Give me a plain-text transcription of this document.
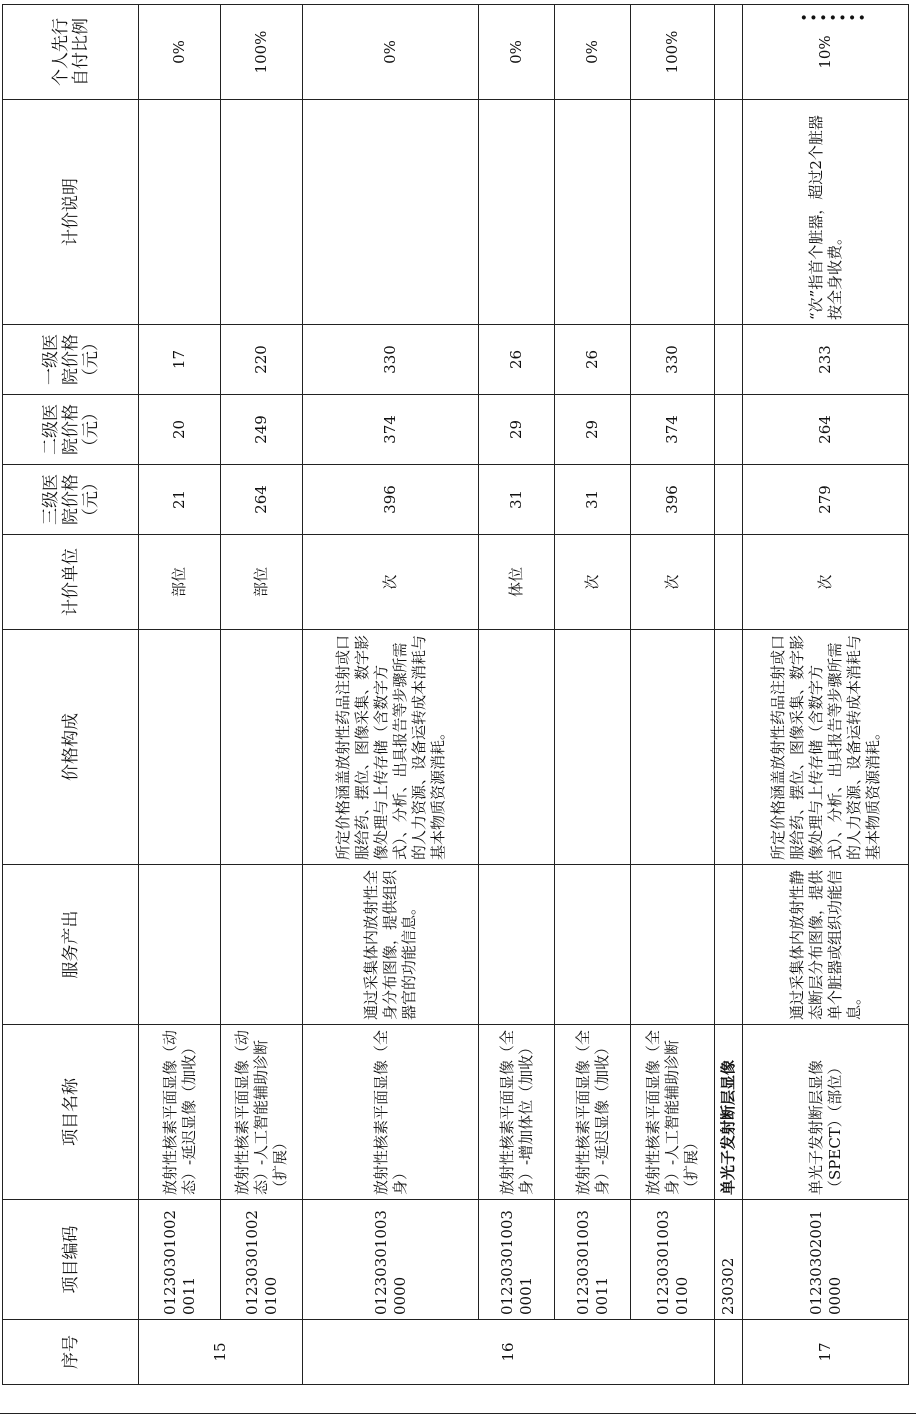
序号	项目编码	项目名称	服务产出	价格构成	计价单位	三级医
院价格
（元）	二级医
院价格
（元）	一级医
院价格
（元）	计价说明	个人先行
自付比例
15	012303010020011	放射性核素平面显像（动态）-延迟显像（加收）			部位	21	20	17		0%
	012303010020100	放射性核素平面显像（动态）-人工智能辅助诊断（扩展）			部位	264	249	220		100%
16	012303010030000	放射性核素平面显像（全身）	通过采集体内放射性全身分布图像，提供组织器官的功能信息。	所定价格涵盖放射性药品注射或口服给药、摆位、图像采集、数字影像处理与上传存储（含数字方式）、分析、出具报告等步骤所需的人力资源、设备运转成本消耗与基本物质资源消耗。	次	396	374	330		0%
	012303010030001	放射性核素平面显像（全身）-增加体位（加收）			体位	31	29	26		0%
	012303010030011	放射性核素平面显像（全身）-延迟显像（加收）			次	31	29	26		0%
	012303010030100	放射性核素平面显像（全身）-人工智能辅助诊断（扩展）			次	396	374	330		100%
	230302	单光子发射断层显像								
17	012303020010000	单光子发射断层显像（SPECT）（部位）	通过采集体内放射性静态断层分布图像，提供单个脏器或组织功能信息。	所定价格涵盖放射性药品注射或口服给药、摆位、图像采集、数字影像处理与上传存储（含数字方式）、分析、出具报告等步骤所需的人力资源、设备运转成本消耗与基本物质资源消耗。	次	279	264	233	“次”指首个脏器，超过2个脏器按全身收费。	10%
·······
